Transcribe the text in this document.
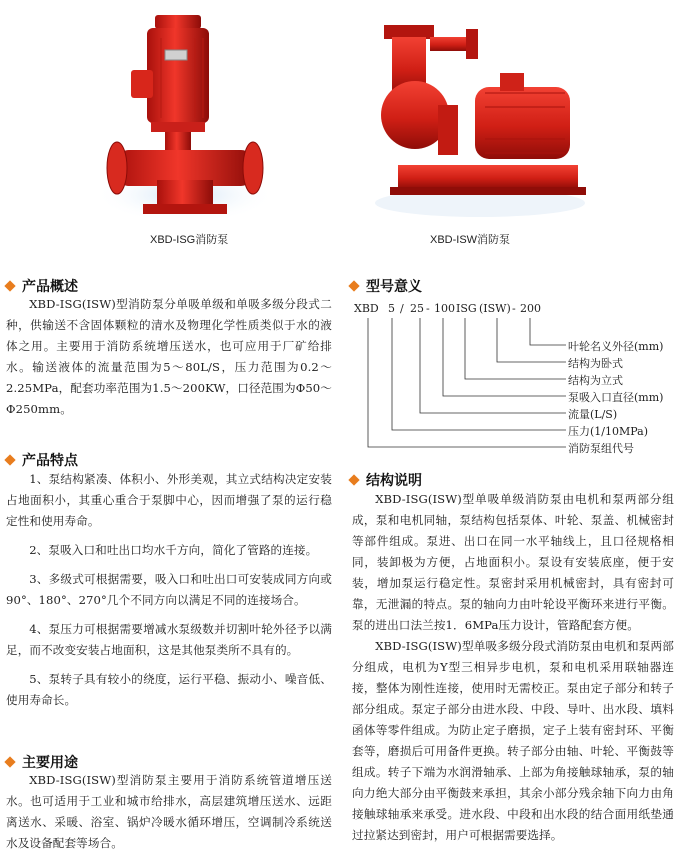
XBD-ISG消防泵	XBD-ISW消防泵
产品概述

XBD-ISG(ISW)型消防泵分单吸单级和单吸多级分段式二种，供输送不含固体颗粒的清水及物理化学性质类似于水的液体之用。主要用于消防系统增压送水，也可应用于厂矿给排水。输送液体的流量范围为5～80L/S，压力范围为0.2～2.25MPa，配套功率范围为1.5～200KW，口径范围为Φ50～Φ250mm。

产品特点

1、泵结构紧凑、体积小、外形美观，其立式结构决定安装占地面积小，其重心重合于泵脚中心，因而增强了泵的运行稳定性和使用寿命。

2、泵吸入口和吐出口均水千方向，简化了管路的连接。

3、多级式可根据需要，吸入口和吐出口可安装成同方向或90°、180°、270°几个不同方向以满足不同的连接场合。

4、泵压力可根据需要增减水泵级数并切割叶轮外径予以满足，而不改变安装占地面积，这是其他泵类所不具有的。

5、泵转子具有较小的绕度，运行平稳、振动小、噪音低、使用寿命长。

主要用途

XBD-ISG(ISW)型消防泵主要用于消防系统管道增压送水。也可适用于工业和城市给排水，高层建筑增压送水、远距离送水、采暖、浴室、锅炉冷暖水循环增压，空调制冷系统送水及设备配套等场合。

型号意义
XBD 5 / 25 - 100 ISG (ISW) - 200
叶轮名义外径(mm)
结构为卧式
结构为立式
泵吸入口直径(mm)
流量(L/S)
压力(1/10MPa)
消防泵组代号
结构说明

XBD-ISG(ISW)型单吸单级消防泵由电机和泵两部分组成，泵和电机同轴，泵结构包括泵体、叶轮、泵盖、机械密封等部件组成。泵进、出口在同一水平轴线上，且口径规格相同，装卸极为方便，占地面积小。泵设有安装底座，便于安装，增加泵运行稳定性。泵密封采用机械密封，具有密封可靠，无泄漏的特点。泵的轴向力由叶轮设平衡环来进行平衡。泵的进出口法兰按1．6MPa压力设计，管路配套方便。

XBD-ISG(ISW)型单吸多级分段式消防泵由电机和泵两部分组成，电机为Y型三相异步电机，泵和电机采用联轴器连接，整体为刚性连接，使用时无需校正。泵由定子部分和转子部分组成。泵定子部分由进水段、中段、导叶、出水段、填料函体等零件组成。为防止定子磨损，定子上装有密封环、平衡套等，磨损后可用备件更换。转子部分由轴、叶轮、平衡鼓等组成。转子下端为水润滑轴承、上部为角接触球轴承，泵的轴向力绝大部分由平衡鼓来承担，其余小部分残余轴下向力由角接触球轴承来承受。进水段、中段和出水段的结合面用纸垫通过拉紧达到密封，用户可根据需要选择。
